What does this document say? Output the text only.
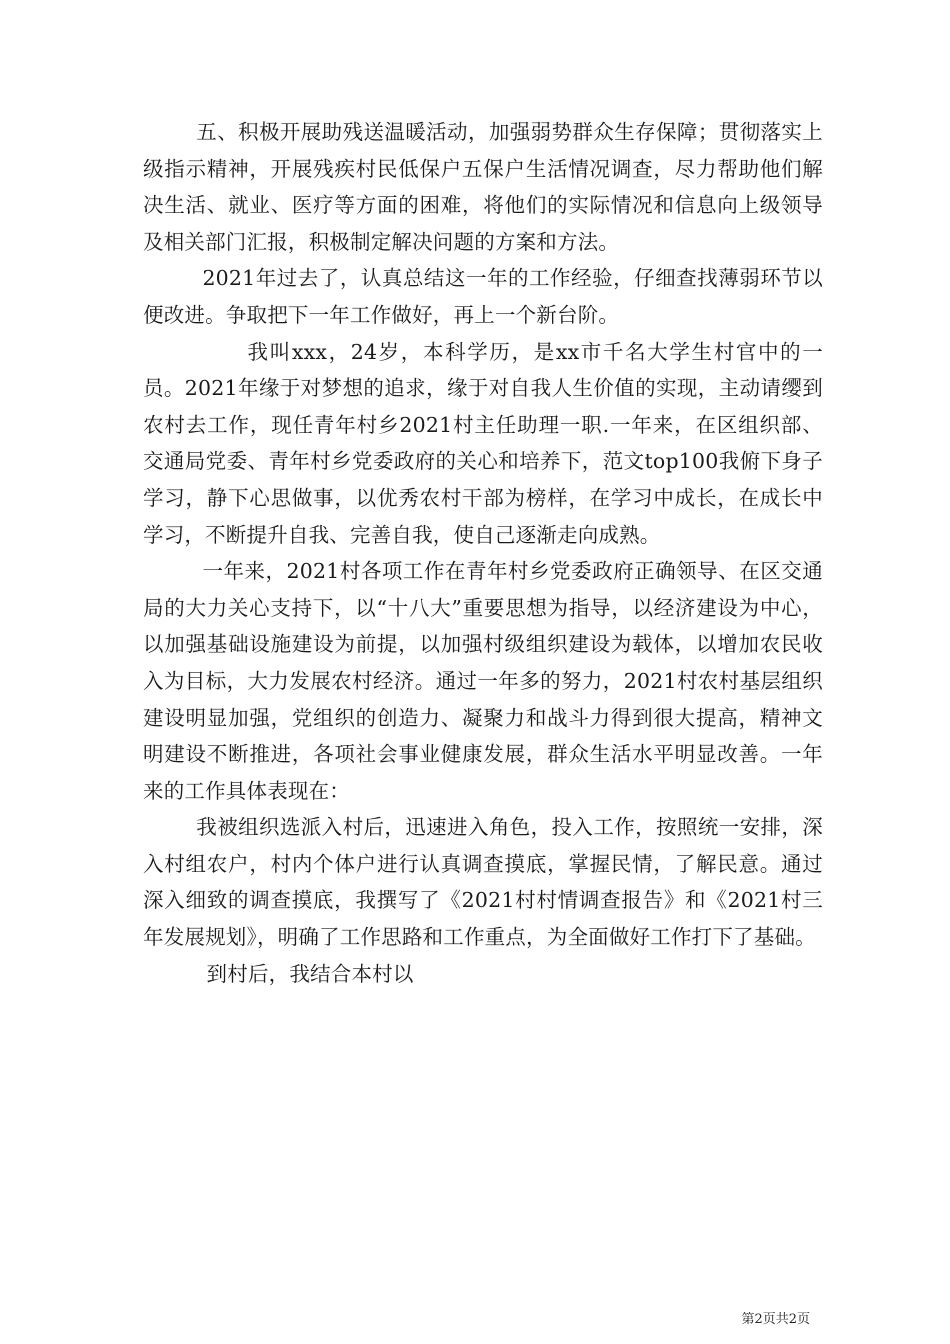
五、积极开展助残送温暖活动，加强弱势群众生存保障；贯彻落实上级指示精神，开展残疾村民低保户五保户生活情况调查，尽力帮助他们解决生活、就业、医疗等方面的困难，将他们的实际情况和信息向上级领导及相关部门汇报，积极制定解决问题的方案和方法。

2021年过去了，认真总结这一年的工作经验，仔细查找薄弱环节以便改进。争取把下一年工作做好，再上一个新台阶。

我叫xxx，24岁，本科学历，是xx市千名大学生村官中的一员。2021年缘于对梦想的追求，缘于对自我人生价值的实现，主动请缨到农村去工作，现任青年村乡2021村主任助理一职.一年来，在区组织部、交通局党委、青年村乡党委政府的关心和培养下，范文top100我俯下身子学习，静下心思做事，以优秀农村干部为榜样，在学习中成长，在成长中学习，不断提升自我、完善自我，使自己逐渐走向成熟。

一年来，2021村各项工作在青年村乡党委政府正确领导、在区交通局的大力关心支持下，以“十八大”重要思想为指导，以经济建设为中心，以加强基础设施建设为前提，以加强村级组织建设为载体，以增加农民收入为目标，大力发展农村经济。通过一年多的努力，2021村农村基层组织建设明显加强，党组织的创造力、凝聚力和战斗力得到很大提高，精神文明建设不断推进，各项社会事业健康发展，群众生活水平明显改善。一年来的工作具体表现在：

我被组织选派入村后，迅速进入角色，投入工作，按照统一安排，深入村组农户，村内个体户进行认真调查摸底，掌握民情，了解民意。通过深入细致的调查摸底，我撰写了《2021村村情调查报告》和《2021村三年发展规划》，明确了工作思路和工作重点，为全面做好工作打下了基础。

到村后，我结合本村以

第2页共2页
